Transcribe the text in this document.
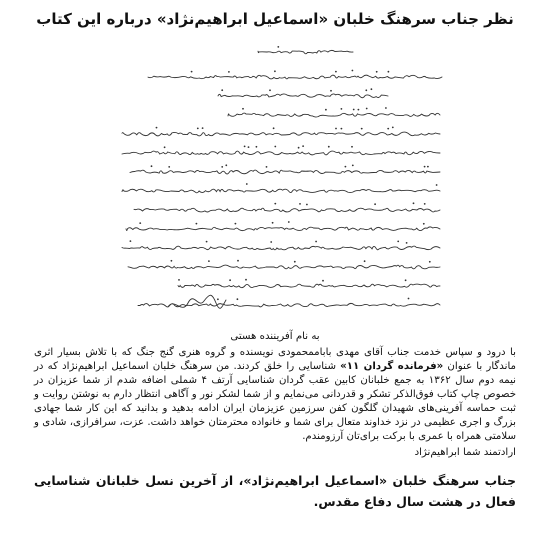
نظر جناب سرهنگ خلبان «اسماعیل ابراهیم‌نژاد» درباره این کتاب
به نام آفریننده هستی

با درود و سپاس خدمت جناب آقای مهدی باباممحمودی نویسنده و گروه هنری گنج جنگ که با تلاش بسیار اثری ماندگار با عنوان «فرمانده گردان ۱۱» شناسایی را خلق کردند. من سرهنگ خلبان اسماعیل ابراهیم‌نژاد که در نیمه دوم سال ۱۳۶۲ به جمع خلبانان کابین عقب گردان شناسایی آرتف ۴ شملی اضافه شدم از شما عزیزان در خصوص چاپ کتاب فوق‌الذکر تشکر و قدردانی می‌نمایم و از شما لشکر نور و آگاهی انتظار دارم به نوشتن روایت و ثبت حماسه آفرینی‌های شهیدان گلگون کفن سرزمین عزیزمان ایران ادامه بدهید و بدانید که این کار شما جهادی بزرگ و اجری عظیمی در نزد خداوند متعال برای شما و خانواده محترمتان خواهد داشت. عزت، سرافرازی، شادی و سلامتی همراه با عمری با برکت برای‌تان آرزومندم.

ارادتمند شما ابراهیم‌نژاد
جناب سرهنگ خلبان «اسماعیل ابراهیم‌نژاد»، از آخرین نسل خلبانان شناسایی فعال در هشت سال دفاع مقدس.
